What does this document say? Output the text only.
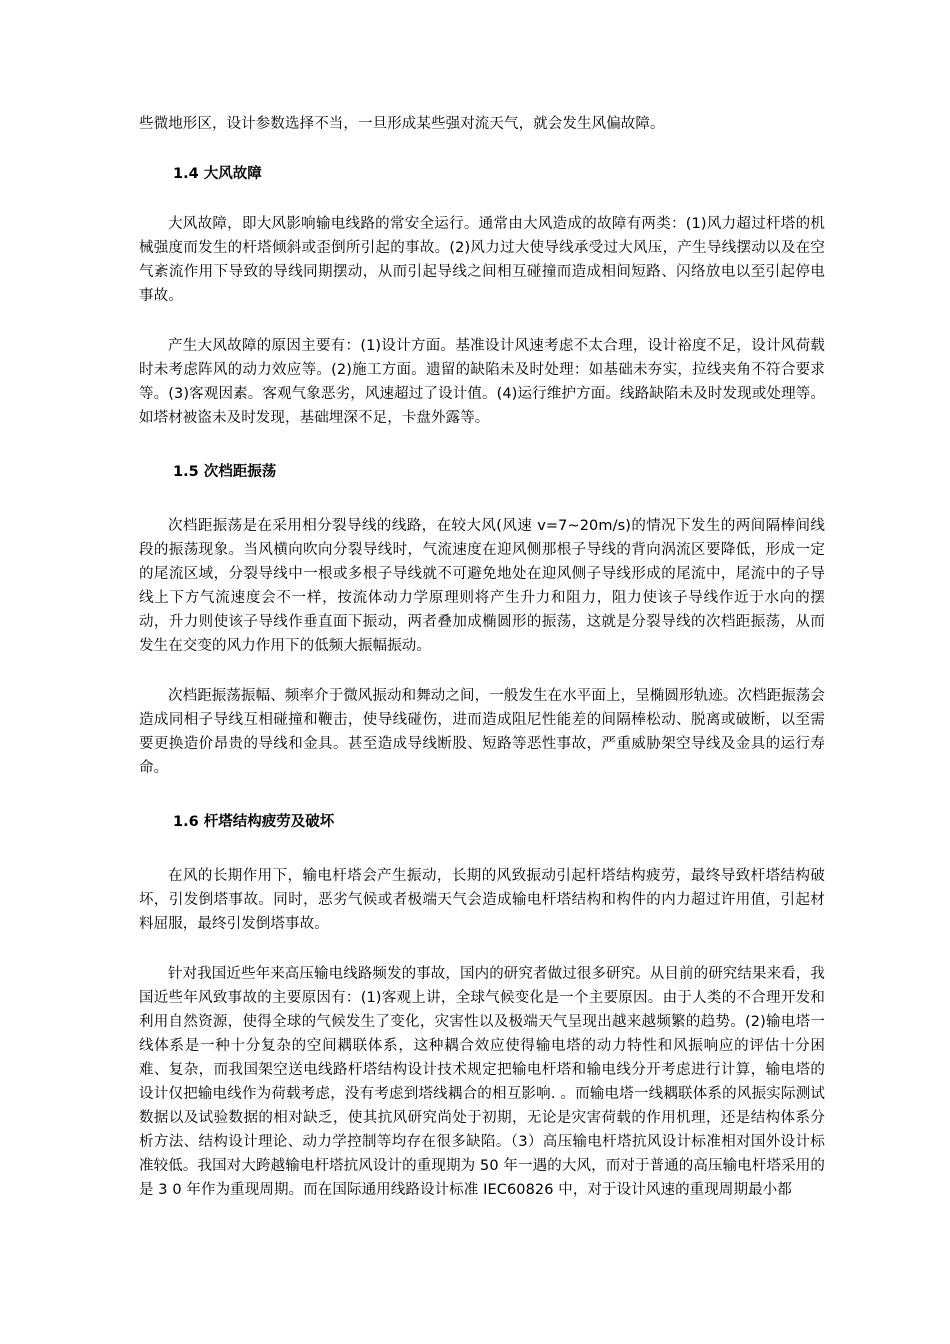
些微地形区，设计参数选择不当，一旦形成某些强对流天气，就会发生风偏故障。

1.4 大风故障

大风故障，即大风影响输电线路的常安全运行。通常由大风造成的故障有两类：(1)风力超过杆塔的机械强度而发生的杆塔倾斜或歪倒所引起的事故。(2)风力过大使导线承受过大风压，产生导线摆动以及在空气紊流作用下导致的导线同期摆动，从而引起导线之间相互碰撞而造成相间短路、闪络放电以至引起停电事故。

产生大风故障的原因主要有：(1)设计方面。基准设计风速考虑不太合理，设计裕度不足，设计风荷载时未考虑阵风的动力效应等。(2)施工方面。遗留的缺陷未及时处理：如基础未夯实，拉线夹角不符合要求等。(3)客观因素。客观气象恶劣，风速超过了设计值。(4)运行维护方面。线路缺陷未及时发现或处理等。如塔材被盗未及时发现，基础埋深不足，卡盘外露等。

1.5 次档距振荡

次档距振荡是在采用相分裂导线的线路，在较大风(风速 v=7~20m/s)的情况下发生的两间隔棒间线段的振荡现象。当风横向吹向分裂导线时，气流速度在迎风侧那根子导线的背向涡流区要降低，形成一定的尾流区域，分裂导线中一根或多根子导线就不可避免地处在迎风侧子导线形成的尾流中，尾流中的子导线上下方气流速度会不一样，按流体动力学原理则将产生升力和阻力，阻力使该子导线作近于水向的摆动，升力则使该子导线作垂直面下振动，两者叠加成椭圆形的振荡，这就是分裂导线的次档距振荡，从而发生在交变的风力作用下的低频大振幅振动。

次档距振荡振幅、频率介于微风振动和舞动之间，一般发生在水平面上，呈椭圆形轨迹。次档距振荡会造成同相子导线互相碰撞和鞭击，使导线碰伤，进而造成阻尼性能差的间隔棒松动、脱离或破断，以至需要更换造价昂贵的导线和金具。甚至造成导线断股、短路等恶性事故，严重威胁架空导线及金具的运行寿命。

1.6 杆塔结构疲劳及破坏

在风的长期作用下，输电杆塔会产生振动，长期的风致振动引起杆塔结构疲劳，最终导致杆塔结构破坏，引发倒塔事故。同时，恶劣气候或者极端天气会造成输电杆塔结构和构件的内力超过许用值，引起材料屈服，最终引发倒塔事故。

针对我国近些年来高压输电线路频发的事故，国内的研究者做过很多研究。从目前的研究结果来看，我国近些年风致事故的主要原因有：(1)客观上讲，全球气候变化是一个主要原因。由于人类的不合理开发和利用自然资源，使得全球的气候发生了变化，灾害性以及极端天气呈现出越来越频繁的趋势。(2)输电塔一线体系是一种十分复杂的空间耦联体系，这种耦合效应使得输电塔的动力特性和风振响应的评估十分困难、复杂，而我国架空送电线路杆塔结构设计技术规定把输电杆塔和输电线分开考虑进行计算，输电塔的设计仅把输电线作为荷载考虑，没有考虑到塔线耦合的相互影响. 。而输电塔一线耦联体系的风振实际测试数据以及试验数据的相对缺乏，使其抗风研究尚处于初期，无论是灾害荷载的作用机理，还是结构体系分析方法、结构设计理论、动力学控制等均存在很多缺陷。（3）高压输电杆塔抗风设计标准相对国外设计标准较低。我国对大跨越输电杆塔抗风设计的重现期为 50 年一遇的大风，而对于普通的高压输电杆塔采用的是 3 0 年作为重现周期。而在国际通用线路设计标准 IEC60826 中，对于设计风速的重现周期最小都
